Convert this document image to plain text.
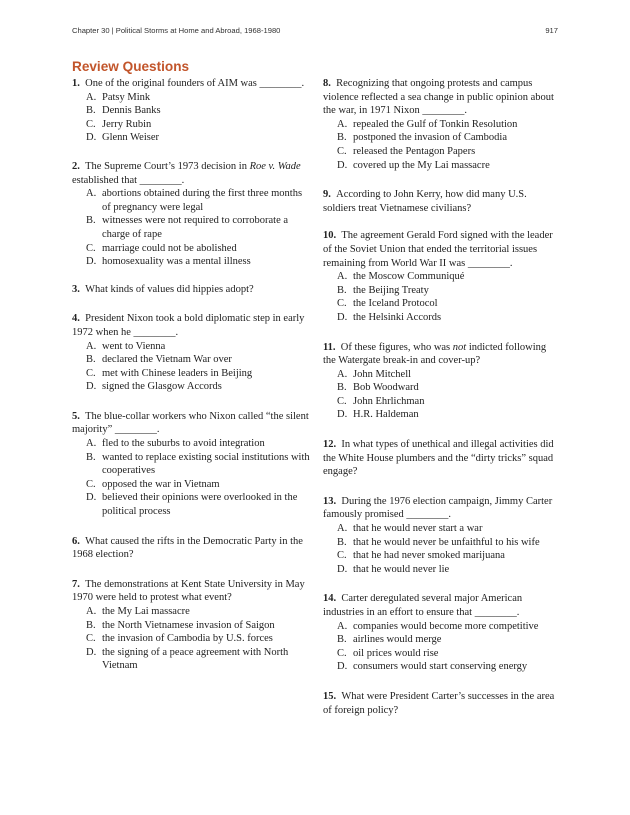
Chapter 30 | Political Storms at Home and Abroad, 1968-1980	917
Review Questions

1. One of the original founders of AIM was ________.

A. Patsy Mink
B. Dennis Banks
C. Jerry Rubin
D. Glenn Weiser

2. The Supreme Court’s 1973 decision in Roe v. Wade established that ________.

A. abortions obtained during the first three months of pregnancy were legal
B. witnesses were not required to corroborate a charge of rape
C. marriage could not be abolished
D. homosexuality was a mental illness

3. What kinds of values did hippies adopt?

4. President Nixon took a bold diplomatic step in early 1972 when he ________.

A. went to Vienna
B. declared the Vietnam War over
C. met with Chinese leaders in Beijing
D. signed the Glasgow Accords

5. The blue-collar workers who Nixon called “the silent majority” ________.

A. fled to the suburbs to avoid integration
B. wanted to replace existing social institutions with cooperatives
C. opposed the war in Vietnam
D. believed their opinions were overlooked in the political process

6. What caused the rifts in the Democratic Party in the 1968 election?

7. The demonstrations at Kent State University in May 1970 were held to protest what event?

A. the My Lai massacre
B. the North Vietnamese invasion of Saigon
C. the invasion of Cambodia by U.S. forces
D. the signing of a peace agreement with North Vietnam

8. Recognizing that ongoing protests and campus violence reflected a sea change in public opinion about the war, in 1971 Nixon ________.

A. repealed the Gulf of Tonkin Resolution
B. postponed the invasion of Cambodia
C. released the Pentagon Papers
D. covered up the My Lai massacre

9. According to John Kerry, how did many U.S. soldiers treat Vietnamese civilians?

10. The agreement Gerald Ford signed with the leader of the Soviet Union that ended the territorial issues remaining from World War II was ________.

A. the Moscow Communiqué
B. the Beijing Treaty
C. the Iceland Protocol
D. the Helsinki Accords

11. Of these figures, who was not indicted following the Watergate break-in and cover-up?

A. John Mitchell
B. Bob Woodward
C. John Ehrlichman
D. H.R. Haldeman

12. In what types of unethical and illegal activities did the White House plumbers and the “dirty tricks” squad engage?

13. During the 1976 election campaign, Jimmy Carter famously promised ________.

A. that he would never start a war
B. that he would never be unfaithful to his wife
C. that he had never smoked marijuana
D. that he would never lie

14. Carter deregulated several major American industries in an effort to ensure that ________.

A. companies would become more competitive
B. airlines would merge
C. oil prices would rise
D. consumers would start conserving energy

15. What were President Carter’s successes in the area of foreign policy?
